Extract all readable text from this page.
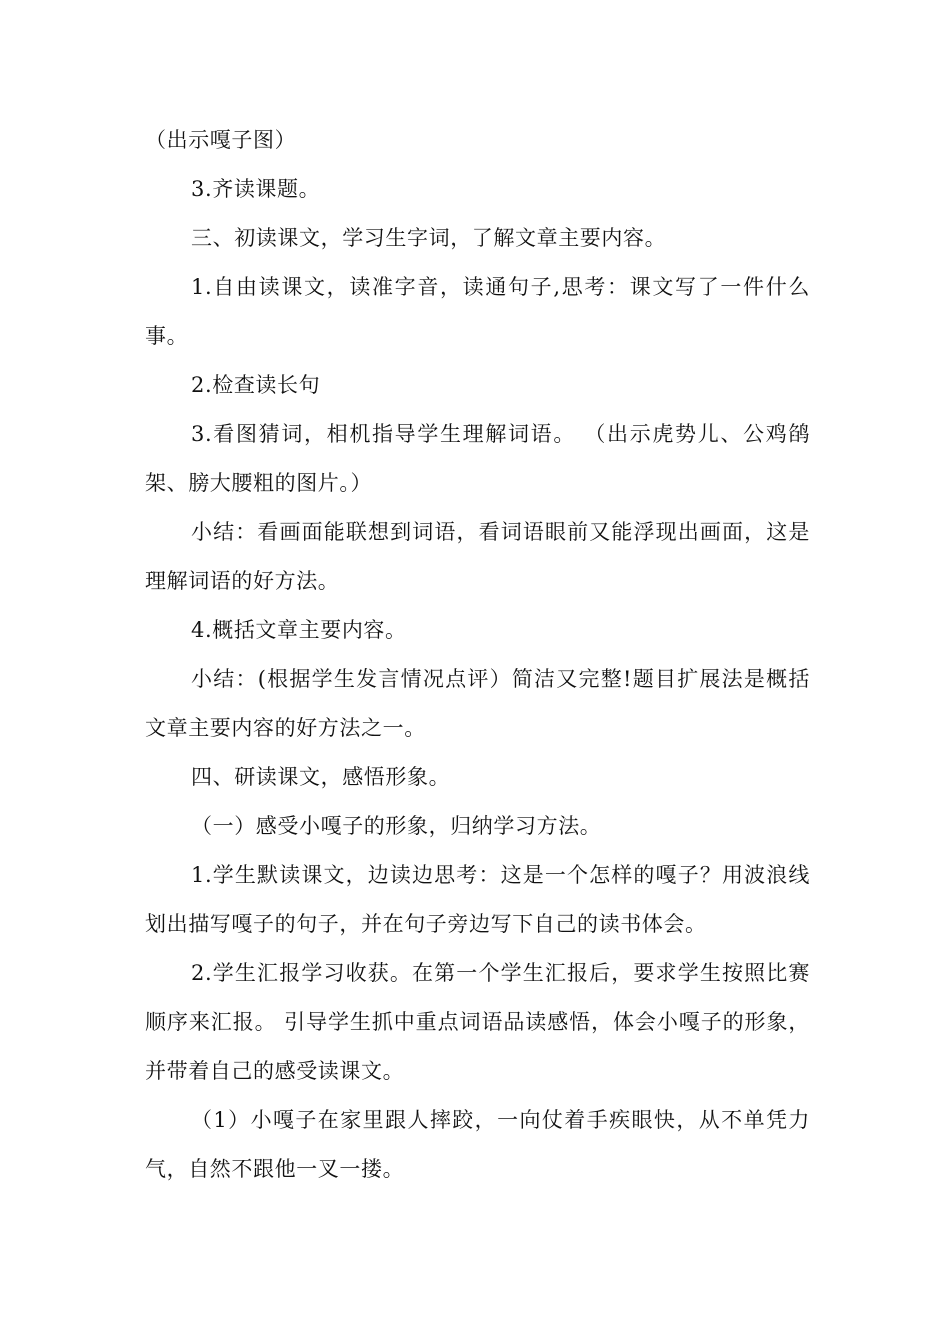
（出示嘎子图）

3.齐读课题。

三、初读课文，学习生字词，了解文章主要内容。

1.自由读课文，读准字音，读通句子,思考：课文写了一件什么事。

2.检查读长句

3.看图猜词，相机指导学生理解词语。 （出示虎势儿、公鸡鹐架、膀大腰粗的图片。）

小结：看画面能联想到词语，看词语眼前又能浮现出画面，这是理解词语的好方法。

4.概括文章主要内容。

小结：(根据学生发言情况点评）简洁又完整!题目扩展法是概括文章主要内容的好方法之一。

四、研读课文，感悟形象。

（一）感受小嘎子的形象，归纳学习方法。

1.学生默读课文，边读边思考：这是一个怎样的嘎子？用波浪线划出描写嘎子的句子，并在句子旁边写下自己的读书体会。

2.学生汇报学习收获。在第一个学生汇报后，要求学生按照比赛顺序来汇报。 引导学生抓中重点词语品读感悟，体会小嘎子的形象，并带着自己的感受读课文。

（1）小嘎子在家里跟人摔跤，一向仗着手疾眼快，从不单凭力气，自然不跟他一叉一搂。
